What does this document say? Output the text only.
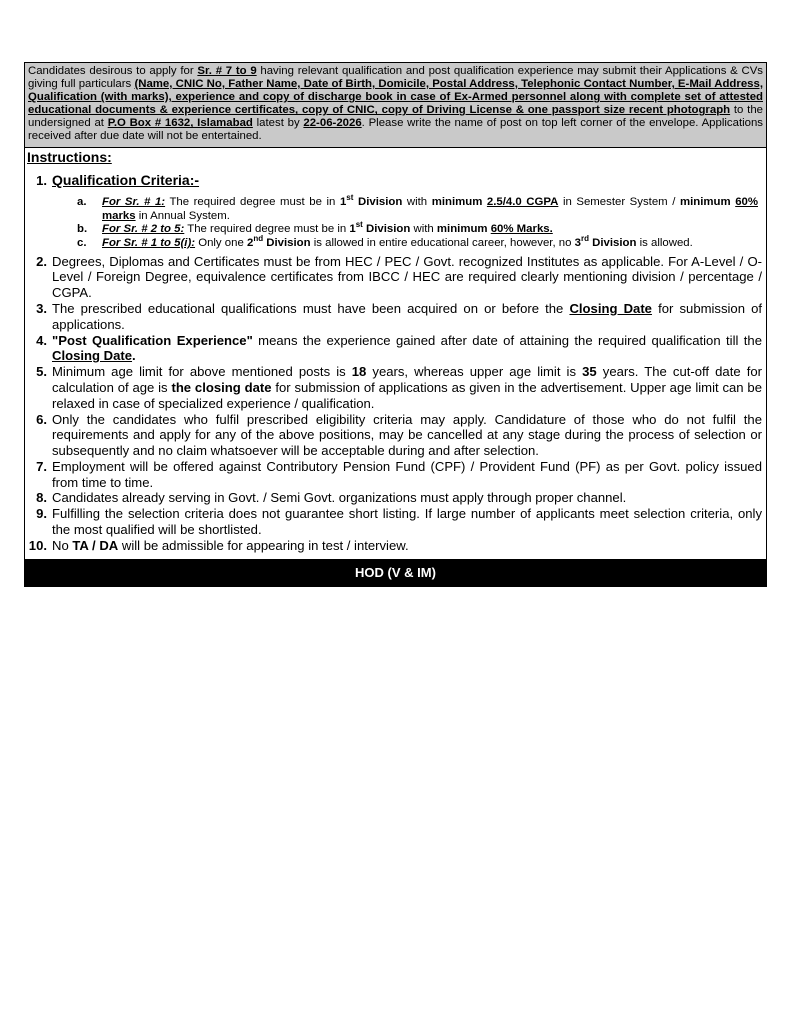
Candidates desirous to apply for Sr. # 7 to 9 having relevant qualification and post qualification experience may submit their Applications & CVs giving full particulars (Name, CNIC No, Father Name, Date of Birth, Domicile, Postal Address, Telephonic Contact Number, E-Mail Address, Qualification (with marks), experience and copy of discharge book in case of Ex-Armed personnel along with complete set of attested educational documents & experience certificates, copy of CNIC, copy of Driving License & one passport size recent photograph to the undersigned at P.O Box # 1632, Islamabad latest by 22-06-2026. Please write the name of post on top left corner of the envelope. Applications received after due date will not be entertained.
Instructions:
1. Qualification Criteria:-
a.	For Sr. # 1: The required degree must be in 1st Division with minimum 2.5/4.0 CGPA in Semester System / minimum 60% marks in Annual System.
b.	For Sr. # 2 to 5: The required degree must be in 1st Division with minimum 60% Marks.
c.	For Sr. # 1 to 5(i): Only one 2nd Division is allowed in entire educational career, however, no 3rd Division is allowed.
2. Degrees, Diplomas and Certificates must be from HEC / PEC / Govt. recognized Institutes as applicable. For A-Level / O-Level / Foreign Degree, equivalence certificates from IBCC / HEC are required clearly mentioning division / percentage / CGPA.
3. The prescribed educational qualifications must have been acquired on or before the Closing Date for submission of applications.
4. "Post Qualification Experience" means the experience gained after date of attaining the required qualification till the Closing Date.
5. Minimum age limit for above mentioned posts is 18 years, whereas upper age limit is 35 years. The cut-off date for calculation of age is the closing date for submission of applications as given in the advertisement. Upper age limit can be relaxed in case of specialized experience / qualification.
6. Only the candidates who fulfil prescribed eligibility criteria may apply. Candidature of those who do not fulfil the requirements and apply for any of the above positions, may be cancelled at any stage during the process of selection or subsequently and no claim whatsoever will be acceptable during and after selection.
7. Employment will be offered against Contributory Pension Fund (CPF) / Provident Fund (PF) as per Govt. policy issued from time to time.
8. Candidates already serving in Govt. / Semi Govt. organizations must apply through proper channel.
9. Fulfilling the selection criteria does not guarantee short listing. If large number of applicants meet selection criteria, only the most qualified will be shortlisted.
10. No TA / DA will be admissible for appearing in test / interview.
HOD (V & IM)
